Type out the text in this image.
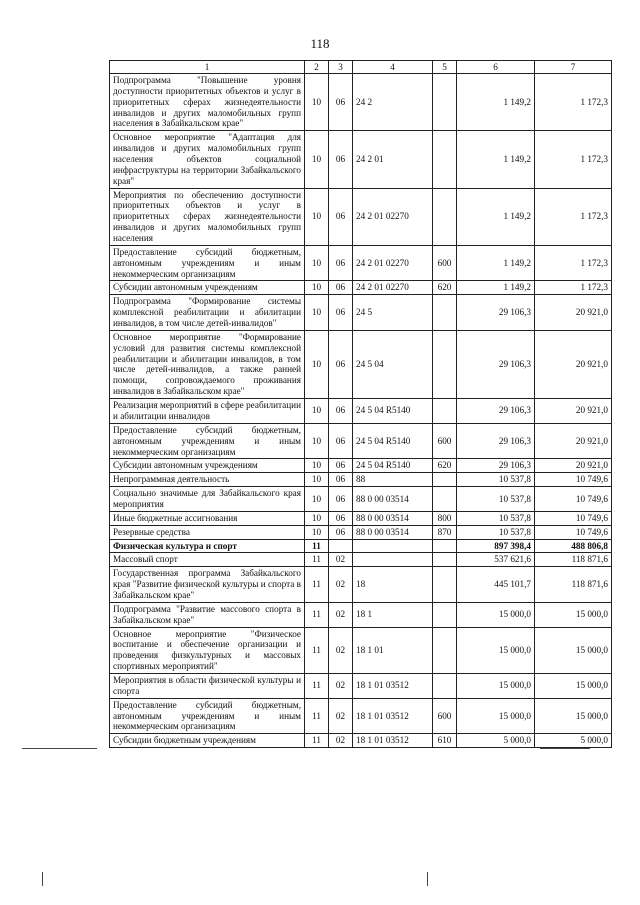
118
1	2	3	4	5	6	7
Подпрограмма "Повышение уровня доступности приоритетных объектов и услуг в приоритетных сферах жизнедеятельности инвалидов и других маломобильных групп населения в Забайкальском крае"	10	06	24 2		1 149,2	1 172,3
Основное мероприятие "Адаптация для инвалидов и других маломобильных групп населения объектов социальной инфраструктуры на территории Забайкальского края"	10	06	24 2 01		1 149,2	1 172,3
Мероприятия по обеспечению доступности приоритетных объектов и услуг в приоритетных сферах жизнедеятельности инвалидов и других маломобильных групп населения	10	06	24 2 01 02270		1 149,2	1 172,3
Предоставление субсидий бюджетным, автономным учреждениям и иным некоммерческим организациям	10	06	24 2 01 02270	600	1 149,2	1 172,3
Субсидии автономным учреждениям	10	06	24 2 01 02270	620	1 149,2	1 172,3
Подпрограмма "Формирование системы комплексной реабилитации и абилитации инвалидов, в том числе детей-инвалидов"	10	06	24 5		29 106,3	20 921,0
Основное мероприятие "Формирование условий для развития системы комплексной реабилитации и абилитации инвалидов, в том числе детей-инвалидов, а также ранней помощи, сопровождаемого проживания инвалидов в Забайкальском крае"	10	06	24 5 04		29 106,3	20 921,0
Реализация мероприятий в сфере реабилитации и абилитации инвалидов	10	06	24 5 04 R5140		29 106,3	20 921,0
Предоставление субсидий бюджетным, автономным учреждениям и иным некоммерческим организациям	10	06	24 5 04 R5140	600	29 106,3	20 921,0
Субсидии автономным учреждениям	10	06	24 5 04 R5140	620	29 106,3	20 921,0
Непрограммная деятельность	10	06	88		10 537,8	10 749,6
Социально значимые для Забайкальского края мероприятия	10	06	88 0 00 03514		10 537,8	10 749,6
Иные бюджетные ассигнования	10	06	88 0 00 03514	800	10 537,8	10 749,6
Резервные средства	10	06	88 0 00 03514	870	10 537,8	10 749,6
Физическая культура и спорт	11				897 398,4	488 806,8
Массовый спорт	11	02			537 621,6	118 871,6
Государственная программа Забайкальского края "Развитие физической культуры и спорта в Забайкальском крае"	11	02	18		445 101,7	118 871,6
Подпрограмма "Развитие массового спорта в Забайкальском крае"	11	02	18 1		15 000,0	15 000,0
Основное мероприятие "Физическое воспитание и обеспечение организации и проведения физкультурных и массовых спортивных мероприятий"	11	02	18 1 01		15 000,0	15 000,0
Мероприятия в области физической культуры и спорта	11	02	18 1 01 03512		15 000,0	15 000,0
Предоставление субсидий бюджетным, автономным учреждениям и иным некоммерческим организациям	11	02	18 1 01 03512	600	15 000,0	15 000,0
Субсидии бюджетным учреждениям	11	02	18 1 01 03512	610	5 000,0	5 000,0
